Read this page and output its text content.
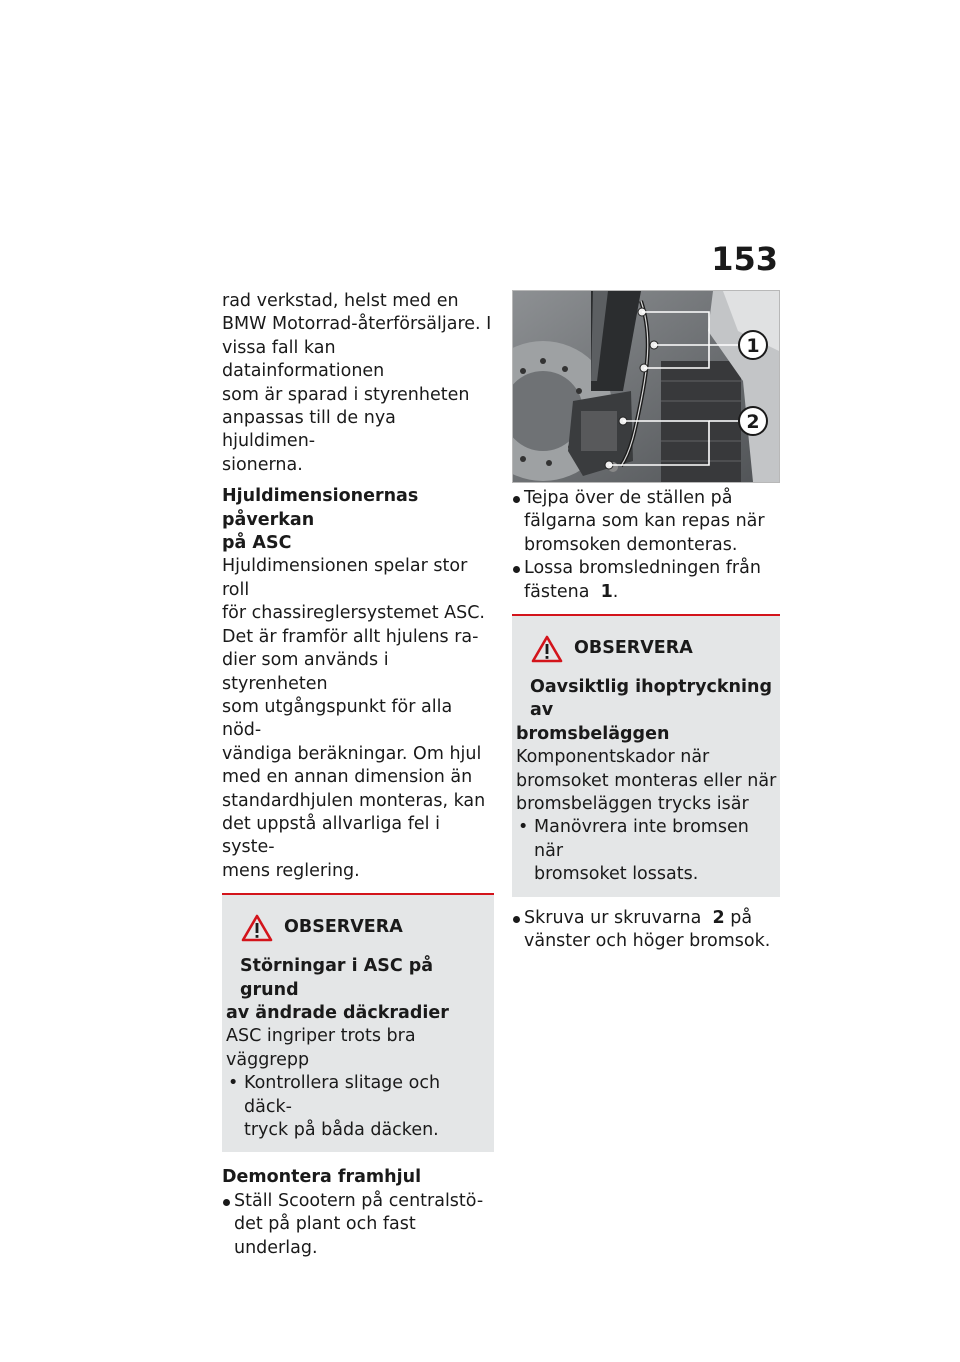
153

rad verkstad, helst med en

BMW Motorrad-återförsäljare. I

vissa fall kan datainformationen

som är sparad i styrenheten

anpassas till de nya hjuldimen-

sionerna.

Hjuldimensionernas påverkan

på ASC

Hjuldimensionen spelar stor roll

för chassireglersystemet ASC.

Det är framför allt hjulens ra-

dier som används i styrenheten

som utgångspunkt för alla nöd-

vändiga beräkningar. Om hjul

med en annan dimension än

standardhjulen monteras, kan

det uppstå allvarliga fel i syste-

mens reglering.

OBSERVERA

Störningar i ASC på grund

av ändrade däckradier

ASC ingriper trots bra

väggrepp

• Kontrollera slitage och däck-

tryck på båda däcken.

Demontera framhjul

Ställ Scootern på centralstö-

det på plant och fast underlag.

1
2

Tejpa över de ställen på

fälgarna som kan repas när

bromsoken demonteras.

Lossa bromsledningen från

fästena 1.

OBSERVERA

Oavsiktlig ihoptryckning av

bromsbeläggen

Komponentskador när

bromsoket monteras eller när

bromsbeläggen trycks isär

• Manövrera inte bromsen när

bromsoket lossats.

Skruva ur skruvarna 2 på

vänster och höger bromsok.
